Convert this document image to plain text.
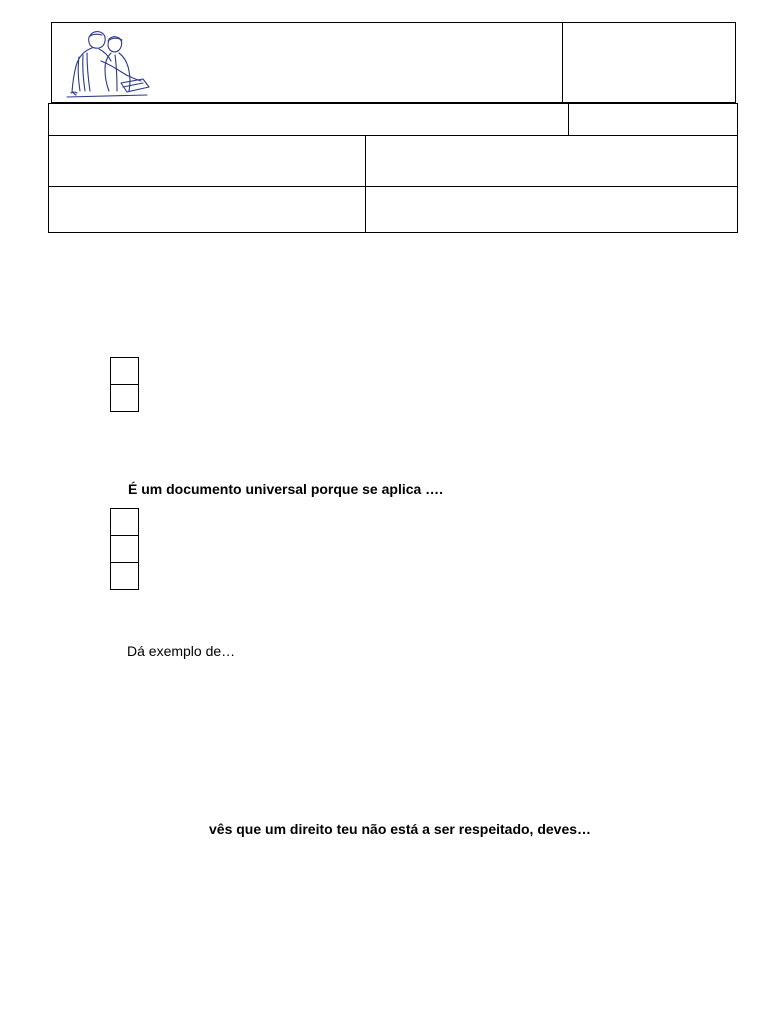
É um documento universal porque se aplica ….
Dá exemplo de…
vês que um direito teu não está a ser respeitado, deves…
